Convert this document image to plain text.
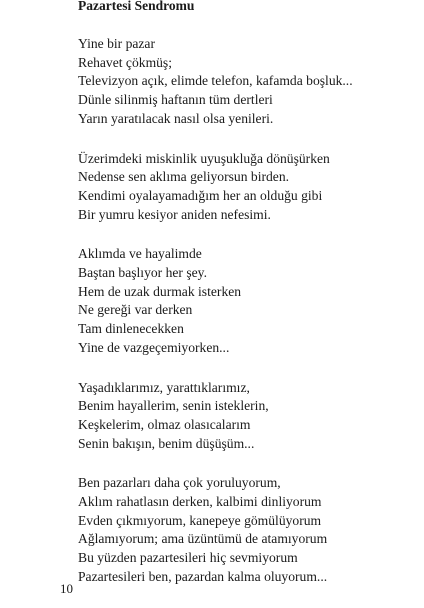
Pazartesi Sendromu
Yine bir pazar
Rehavet çökmüş;
Televizyon açık, elimde telefon, kafamda boşluk...
Dünle silinmiş haftanın tüm dertleri
Yarın yaratılacak nasıl olsa yenileri.
Üzerimdeki miskinlik uyuşukluğa dönüşürken
Nedense sen aklıma geliyorsun birden.
Kendimi oyalayamadığım her an olduğu gibi
Bir yumru kesiyor aniden nefesimi.
Aklımda ve hayalimde
Baştan başlıyor her şey.
Hem de uzak durmak isterken
Ne gereği var derken
Tam dinlenecekken
Yine de vazgeçemiyorken...
Yaşadıklarımız, yarattıklarımız,
Benim hayallerim, senin isteklerin,
Keşkelerim, olmaz olasıcalarım
Senin bakışın, benim düşüşüm...
Ben pazarları daha çok yoruluyorum,
Aklım rahatlasın derken, kalbimi dinliyorum
Evden çıkmıyorum, kanepeye gömülüyorum
Ağlamıyorum; ama üzüntümü de atamıyorum
Bu yüzden pazartesileri hiç sevmiyorum
Pazartesileri ben, pazardan kalma oluyorum...
10
